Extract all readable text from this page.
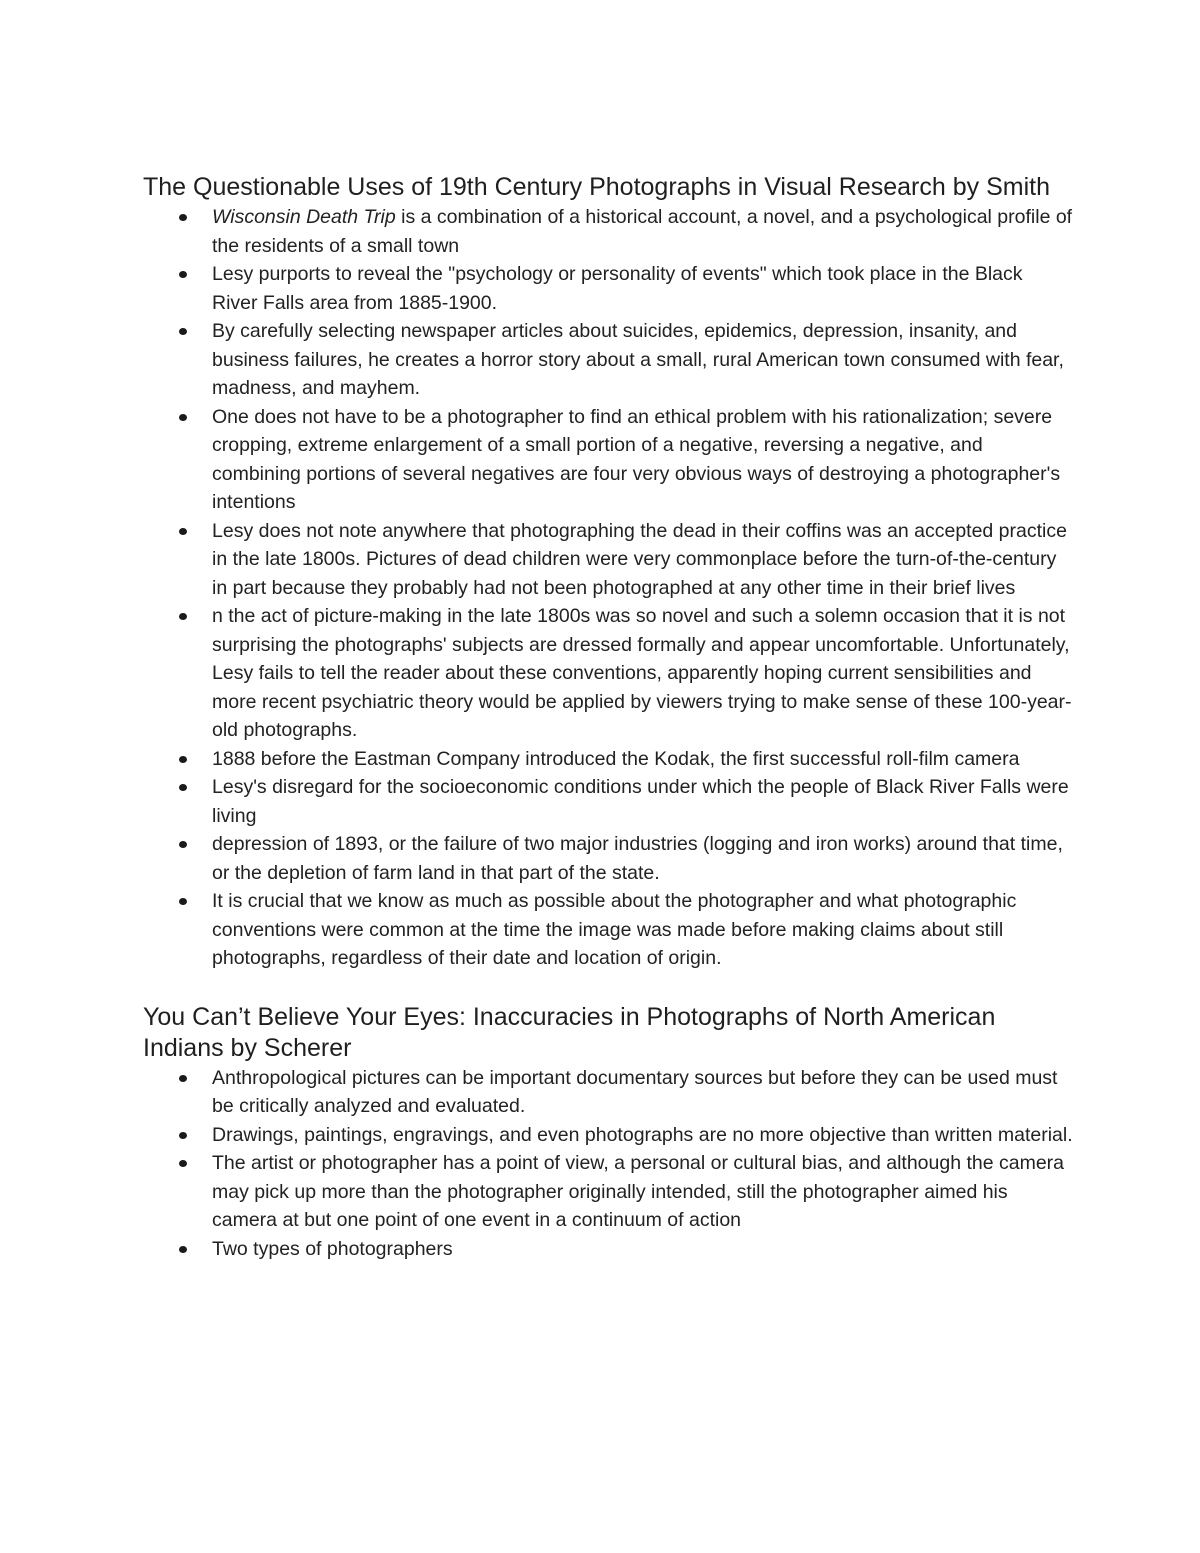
The Questionable Uses of 19th Century Photographs in Visual Research by Smith
Wisconsin Death Trip is a combination of a historical account, a novel, and a psychological profile of the residents of a small town
Lesy purports to reveal the "psychology or personality of events" which took place in the Black River Falls area from 1885-1900.
By carefully selecting newspaper articles about suicides, epidemics, depression, insanity, and business failures, he creates a horror story about a small, rural American town consumed with fear, madness, and mayhem.
One does not have to be a photographer to find an ethical problem with his rationalization; severe cropping, extreme enlargement of a small portion of a negative, reversing a negative, and combining portions of several negatives are four very obvious ways of destroying a photographer's intentions
Lesy does not note anywhere that photographing the dead in their coffins was an accepted practice in the late 1800s. Pictures of dead children were very commonplace before the turn-of-the-century in part because they probably had not been photographed at any other time in their brief lives
n the act of picture-making in the late 1800s was so novel and such a solemn occasion that it is not surprising the photographs' subjects are dressed formally and appear uncomfortable. Unfortunately, Lesy fails to tell the reader about these conventions, apparently hoping current sensibilities and more recent psychiatric theory would be applied by viewers trying to make sense of these 100-year-old photographs.
1888 before the Eastman Company introduced the Kodak, the first successful roll-film camera
Lesy's disregard for the socioeconomic conditions under which the people of Black River Falls were living
depression of 1893, or the failure of two major industries (logging and iron works) around that time, or the depletion of farm land in that part of the state.
It is crucial that we know as much as possible about the photographer and what photographic conventions were common at the time the image was made before making claims about still photographs, regardless of their date and location of origin.
You Can’t Believe Your Eyes: Inaccuracies in Photographs of North American Indians by Scherer
Anthropological pictures can be important documentary sources but before they can be used must be critically analyzed and evaluated.
Drawings, paintings, engravings, and even photographs are no more objective than written material.
The artist or photographer has a point of view, a personal or cultural bias, and although the camera may pick up more than the photographer originally intended, still the photographer aimed his camera at but one point of one event in a continuum of action
Two types of photographers
